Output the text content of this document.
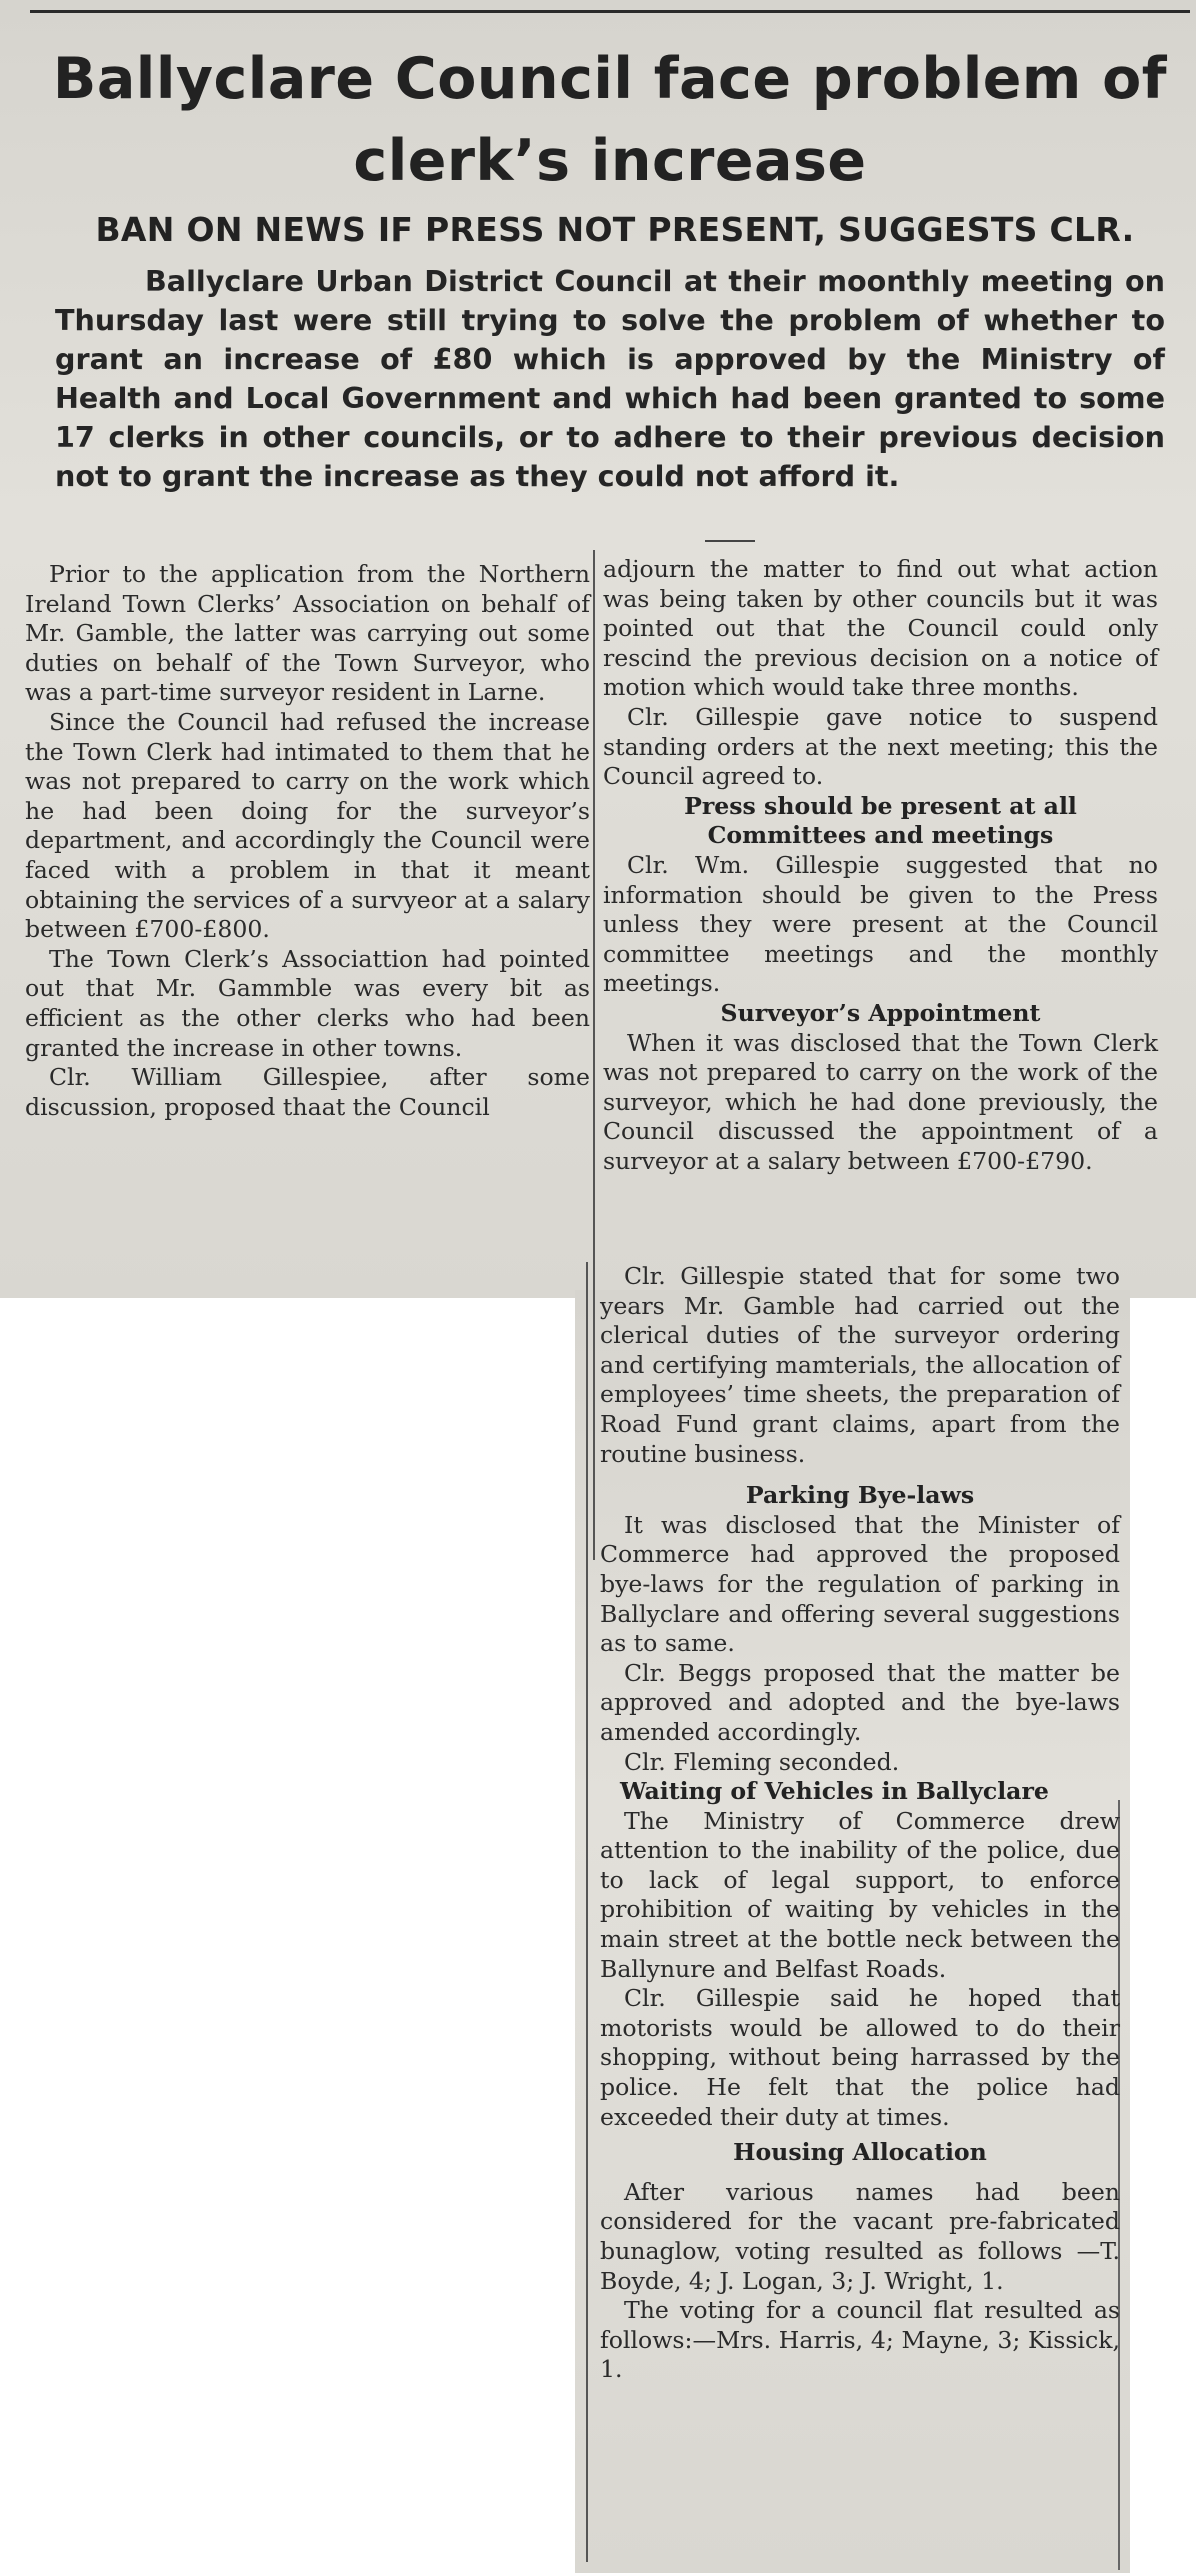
Ballyclare Council face problem of clerk’s increase
BAN ON NEWS IF PRESS NOT PRESENT, SUGGESTS CLR.

Ballyclare Urban District Council at their moonthly meeting on Thursday last were still trying to solve the problem of whether to grant an increase of £80 which is approved by the Ministry of Health and Local Government and which had been granted to some 17 clerks in other councils, or to adhere to their previous decision not to grant the increase as they could not afford it.

Prior to the application from the Northern Ireland Town Clerks’ Association on behalf of Mr. Gamble, the latter was carrying out some duties on behalf of the Town Surveyor, who was a part-time surveyor resident in Larne.

Since the Council had refused the increase the Town Clerk had intimated to them that he was not prepared to carry on the work which he had been doing for the surveyor’s department, and accordingly the Council were faced with a problem in that it meant obtaining the services of a survyeor at a salary between £700-£800.

The Town Clerk’s Associattion had pointed out that Mr. Gammble was every bit as efficient as the other clerks who had been granted the increase in other towns.

Clr. William Gillespiee, after some discussion, proposed thaat the Council

adjourn the matter to find out what action was being taken by other councils but it was pointed out that the Council could only rescind the previous decision on a notice of motion which would take three months.

Clr. Gillespie gave notice to suspend standing orders at the next meeting; this the Council agreed to.

Press should be present at all Committees and meetings

Clr. Wm. Gillespie suggested that no information should be given to the Press unless they were present at the Council committee meetings and the monthly meetings.

Surveyor’s Appointment

When it was disclosed that the Town Clerk was not prepared to carry on the work of the surveyor, which he had done previously, the Council discussed the appointment of a surveyor at a salary between £700-£790.

Clr. Gillespie stated that for some two years Mr. Gamble had carried out the clerical duties of the surveyor ordering and certifying mamterials, the allocation of employees’ time sheets, the preparation of Road Fund grant claims, apart from the routine business.

Parking Bye-laws

It was disclosed that the Minister of Commerce had approved the proposed bye-laws for the regulation of parking in Ballyclare and offering several suggestions as to same.

Clr. Beggs proposed that the matter be approved and adopted and the bye-laws amended accordingly.

Clr. Fleming seconded.

Waiting of Vehicles in Ballyclare

The Ministry of Commerce drew attention to the inability of the police, due to lack of legal support, to enforce prohibition of waiting by vehicles in the main street at the bottle neck between the Ballynure and Belfast Roads.

Clr. Gillespie said he hoped that motorists would be allowed to do their shopping, without being harrassed by the police. He felt that the police had exceeded their duty at times.

Housing Allocation

After various names had been considered for the vacant pre-fabricated bunaglow, voting resulted as follows —T. Boyde, 4; J. Logan, 3; J. Wright, 1.

The voting for a council flat resulted as follows:—Mrs. Harris, 4; Mayne, 3; Kissick, 1.
